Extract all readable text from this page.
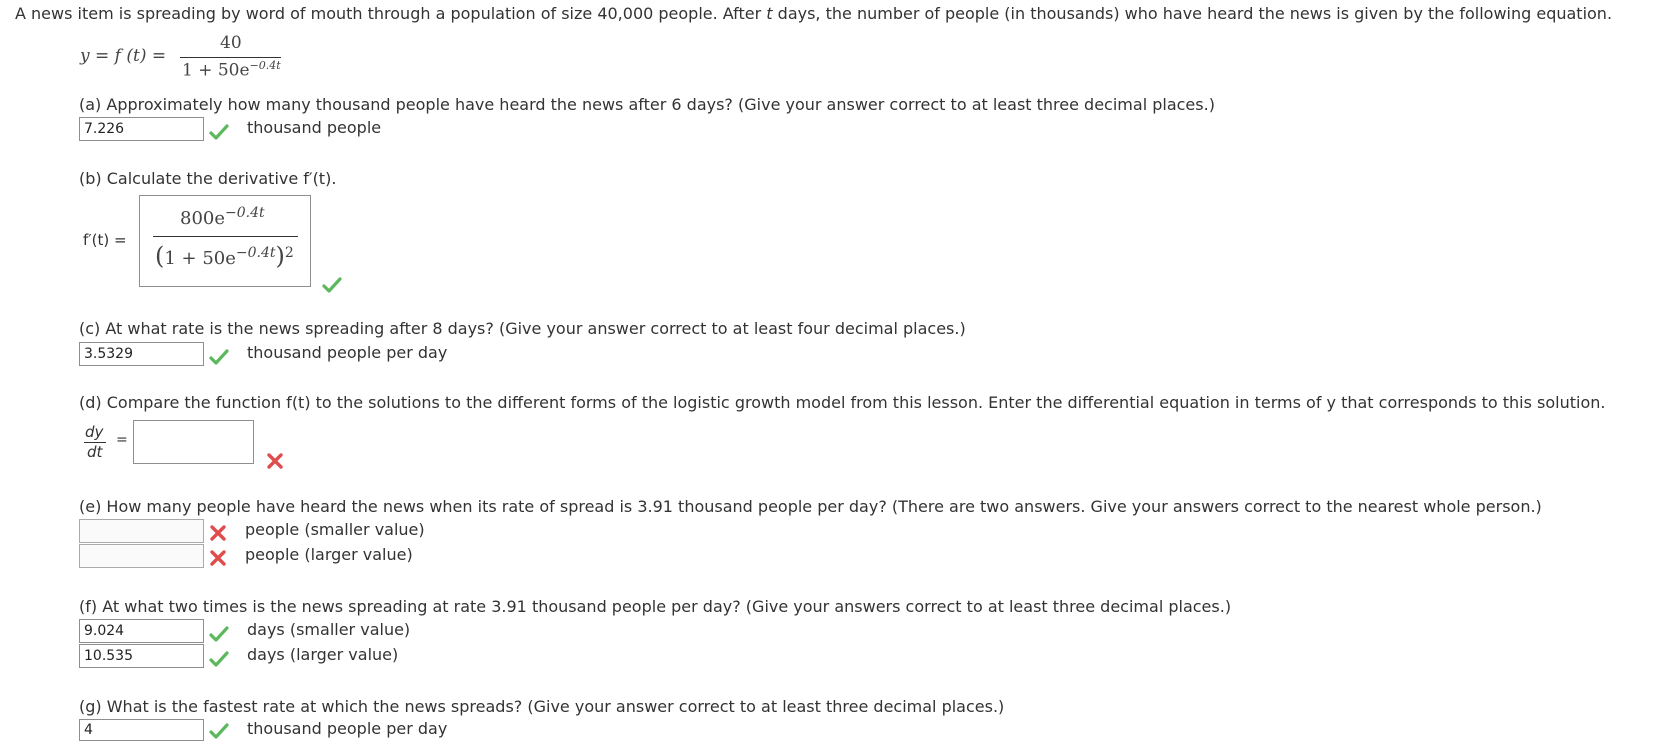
A news item is spreading by word of mouth through a population of size 40,000 people. After t days, the number of people (in thousands) who have heard the news is given by the following equation.
y = f (t) =
40
$1 + 50e^{-0.4t}$
(a) Approximately how many thousand people have heard the news after 6 days? (Give your answer correct to at least three decimal places.)
7.226
thousand people
(b) Calculate the derivative f′(t).
f′(t) =
$800e^{-0.4t}$
$(1 + 50e^{-0.4t})^2$
(c) At what rate is the news spreading after 8 days? (Give your answer correct to at least four decimal places.)
3.5329
thousand people per day
(d) Compare the function f(t) to the solutions to the different forms of the logistic growth model from this lesson. Enter the differential equation in terms of y that corresponds to this solution.
dy
dt
=
(e) How many people have heard the news when its rate of spread is 3.91 thousand people per day? (There are two answers. Give your answers correct to the nearest whole person.)
people (smaller value)
people (larger value)
(f) At what two times is the news spreading at rate 3.91 thousand people per day? (Give your answers correct to at least three decimal places.)
9.024
days (smaller value)
10.535
days (larger value)
(g) What is the fastest rate at which the news spreads? (Give your answer correct to at least three decimal places.)
4
thousand people per day
